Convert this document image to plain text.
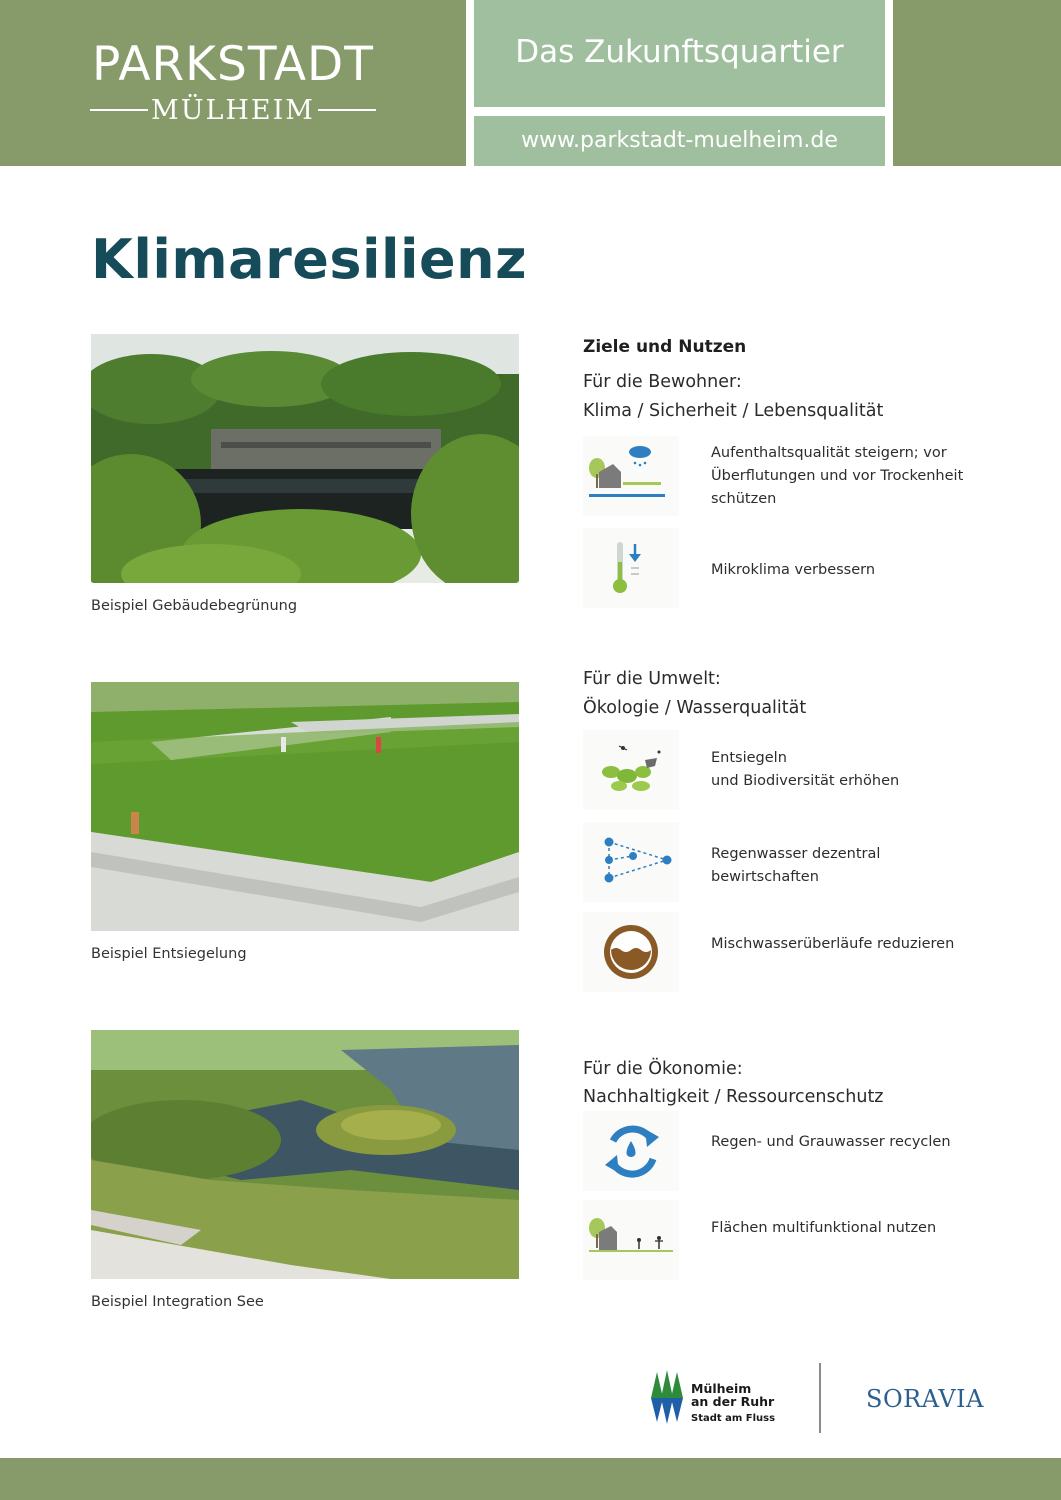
PARKSTADT
MÜLHEIM
Das Zukunftsquartier
www.parkstadt-muelheim.de
Klimaresilienz
Beispiel Gebäudebegrünung
Beispiel Entsiegelung
Beispiel Integration See
Ziele und Nutzen
Für die Bewohner:
Klima / Sicherheit / Lebensqualität
Aufenthaltsqualität steigern; vor Überflutungen und vor Trockenheit schützen
Mikroklima verbessern
Für die Umwelt:
Ökologie / Wasserqualität
Entsiegeln
und Biodiversität erhöhen
Regenwasser dezentral bewirtschaften
Mischwasserüberläufe reduzieren
Für die Ökonomie:
Nachhaltigkeit / Ressourcenschutz
Regen- und Grauwasser recyclen
Flächen multifunktional nutzen
Mülheim
an der Ruhr
Stadt am Fluss
SORAVIA
